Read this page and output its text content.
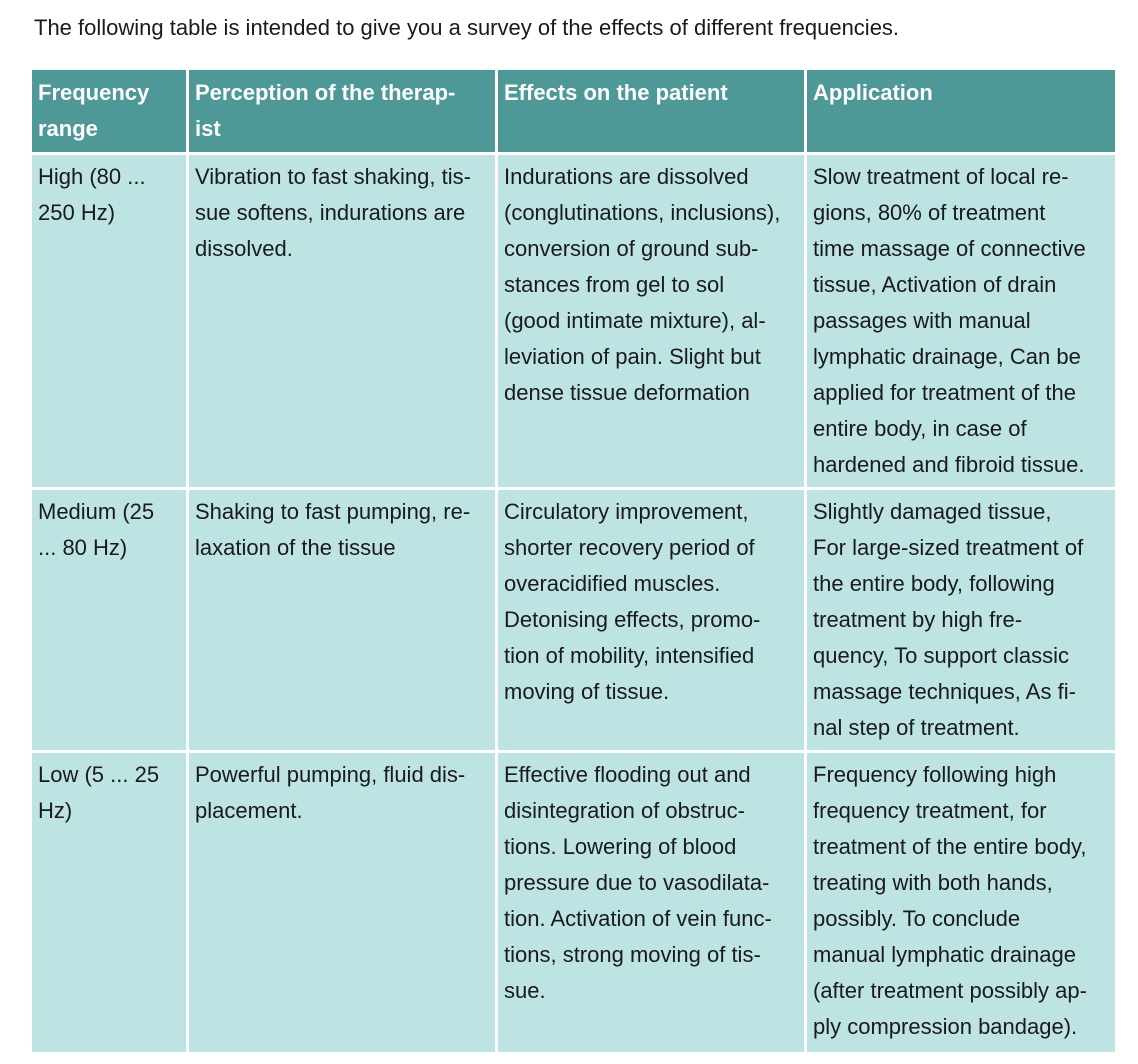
The following table is intended to give you a survey of the effects of different frequencies.
Frequency
range
Perception of the therap-
ist
Effects on the patient	Application
High (80 ...
250 Hz)
Vibration to fast shaking, tis-
sue softens, indurations are
dissolved.
Indurations are dissolved
(conglutinations, inclusions),
conversion of ground sub-
stances from gel to sol
(good intimate mixture), al-
leviation of pain. Slight but
dense tissue deformation
Slow treatment of local re-
gions, 80% of treatment
time massage of connective
tissue, Activation of drain
passages with manual
lymphatic drainage, Can be
applied for treatment of the
entire body, in case of
hardened and fibroid tissue.
Medium (25
... 80 Hz)
Shaking to fast pumping, re-
laxation of the tissue
Circulatory improvement,
shorter recovery period of
overacidified muscles.
Detonising effects, promo-
tion of mobility, intensified
moving of tissue.
Slightly damaged tissue,
For large-sized treatment of
the entire body, following
treatment by high fre-
quency, To support classic
massage techniques, As fi-
nal step of treatment.
Low (5 ... 25
Hz)
Powerful pumping, fluid dis-
placement.
Effective flooding out and
disintegration of obstruc-
tions. Lowering of blood
pressure due to vasodilata-
tion. Activation of vein func-
tions, strong moving of tis-
sue.
Frequency following high
frequency treatment, for
treatment of the entire body,
treating with both hands,
possibly. To conclude
manual lymphatic drainage
(after treatment possibly ap-
ply compression bandage).
